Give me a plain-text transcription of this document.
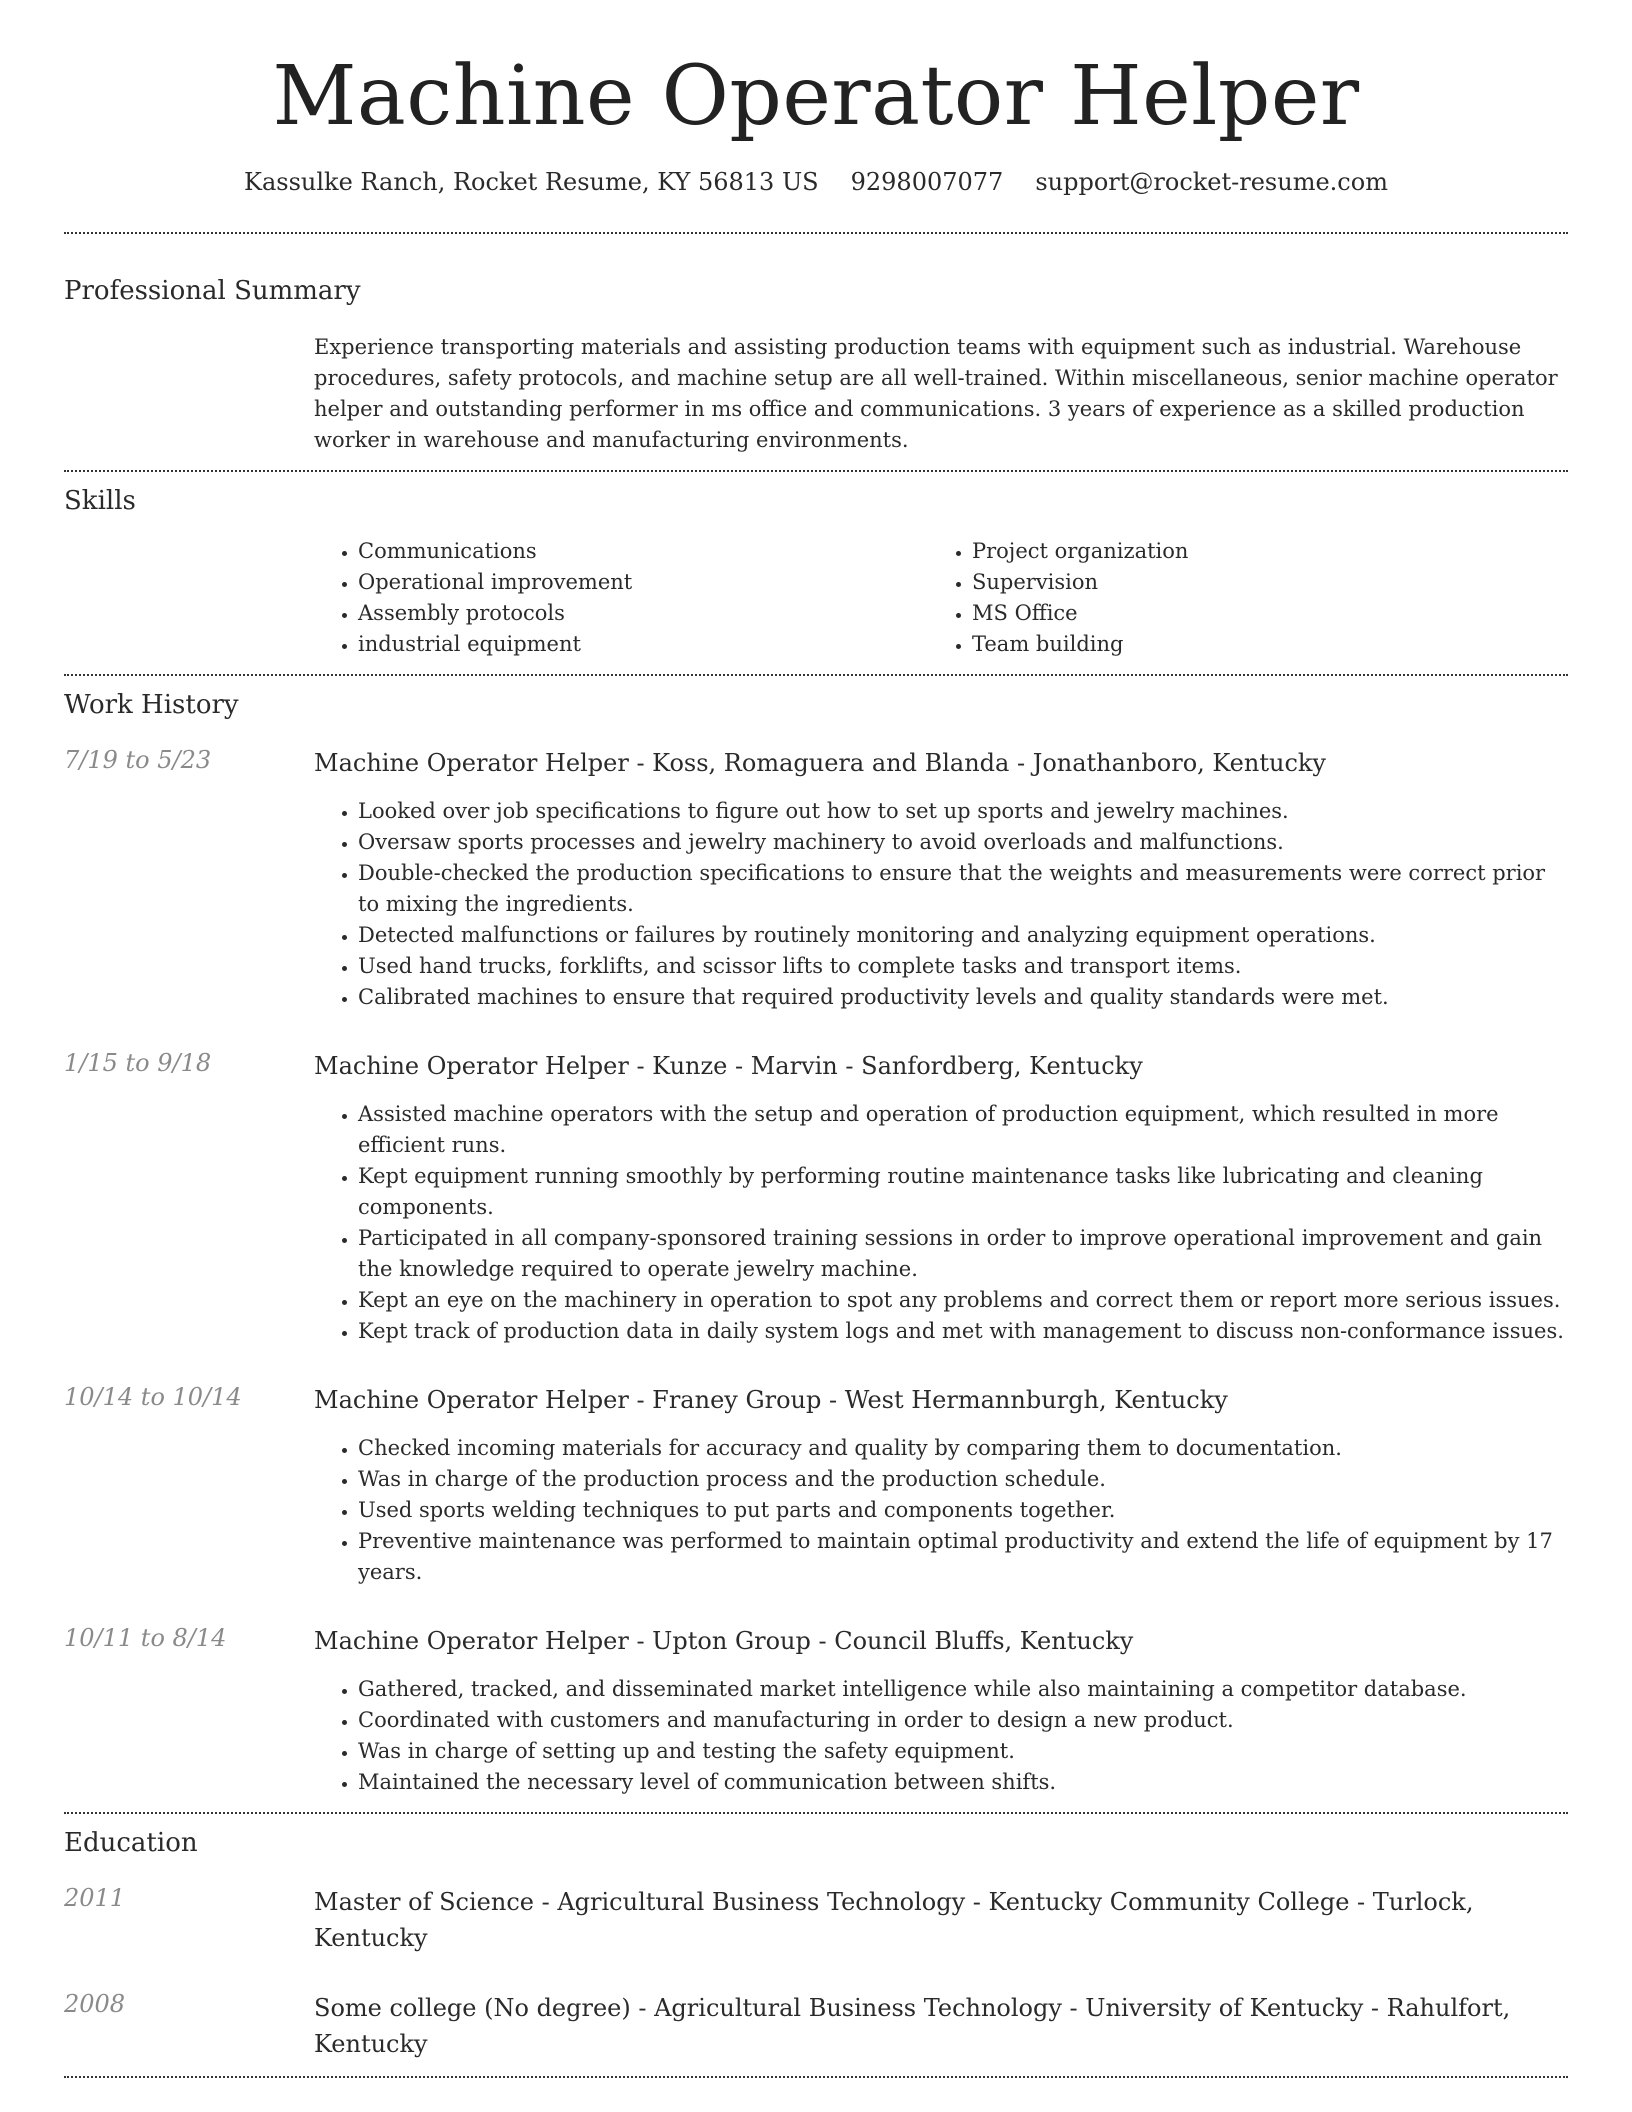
Machine Operator Helper
Kassulke Ranch, Rocket Resume, KY 56813 US 9298007077 support@rocket-resume.com
Professional Summary
Experience transporting materials and assisting production teams with equipment such as industrial. Warehouse procedures, safety protocols, and machine setup are all well-trained. Within miscellaneous, senior machine operator helper and outstanding performer in ms office and communications. 3 years of experience as a skilled production worker in warehouse and manufacturing environments.
Skills
• Communications
• Operational improvement
• Assembly protocols
• industrial equipment
• Project organization
• Supervision
• MS Office
• Team building
Work History
7/19 to 5/23	Machine Operator Helper - Koss, Romaguera and Blanda - Jonathanboro, Kentucky
• Looked over job specifications to figure out how to set up sports and jewelry machines.
• Oversaw sports processes and jewelry machinery to avoid overloads and malfunctions.
• Double-checked the production specifications to ensure that the weights and measurements were correct prior to mixing the ingredients.
• Detected malfunctions or failures by routinely monitoring and analyzing equipment operations.
• Used hand trucks, forklifts, and scissor lifts to complete tasks and transport items.
• Calibrated machines to ensure that required productivity levels and quality standards were met.
1/15 to 9/18	Machine Operator Helper - Kunze - Marvin - Sanfordberg, Kentucky
• Assisted machine operators with the setup and operation of production equipment, which resulted in more efficient runs.
• Kept equipment running smoothly by performing routine maintenance tasks like lubricating and cleaning components.
• Participated in all company-sponsored training sessions in order to improve operational improvement and gain the knowledge required to operate jewelry machine.
• Kept an eye on the machinery in operation to spot any problems and correct them or report more serious issues.
• Kept track of production data in daily system logs and met with management to discuss non-conformance issues.
10/14 to 10/14	Machine Operator Helper - Franey Group - West Hermannburgh, Kentucky
• Checked incoming materials for accuracy and quality by comparing them to documentation.
• Was in charge of the production process and the production schedule.
• Used sports welding techniques to put parts and components together.
• Preventive maintenance was performed to maintain optimal productivity and extend the life of equipment by 17 years.
10/11 to 8/14	Machine Operator Helper - Upton Group - Council Bluffs, Kentucky
• Gathered, tracked, and disseminated market intelligence while also maintaining a competitor database.
• Coordinated with customers and manufacturing in order to design a new product.
• Was in charge of setting up and testing the safety equipment.
• Maintained the necessary level of communication between shifts.
Education
2011	Master of Science - Agricultural Business Technology - Kentucky Community College - Turlock, Kentucky
2008	Some college (No degree) - Agricultural Business Technology - University of Kentucky - Rahulfort, Kentucky
